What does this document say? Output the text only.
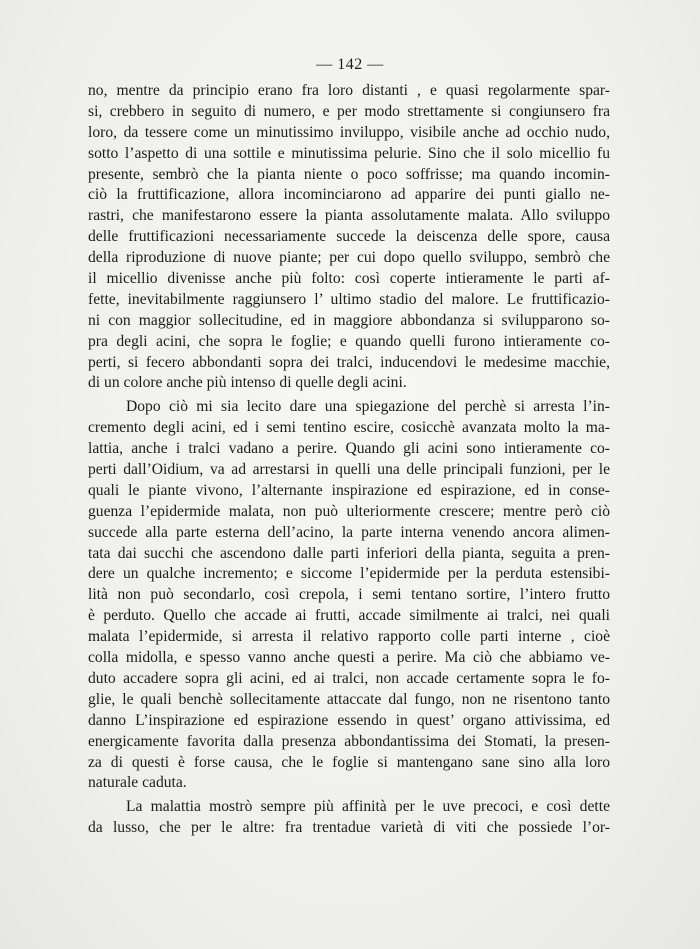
— 142 —
no, mentre da principio erano fra loro distanti , e quasi regolarmente spar-
si, crebbero in seguito di numero, e per modo strettamente si congiunsero fra
loro, da tessere come un minutissimo inviluppo, visibile anche ad occhio nudo,
sotto l’aspetto di una sottile e minutissima pelurie. Sino che il solo micellio fu
presente, sembrò che la pianta niente o poco soffrisse; ma quando incomin-
ciò la fruttificazione, allora incominciarono ad apparire dei punti giallo ne-
rastri, che manifestarono essere la pianta assolutamente malata. Allo sviluppo
delle fruttificazioni necessariamente succede la deiscenza delle spore, causa
della riproduzione di nuove piante; per cui dopo quello sviluppo, sembrò che
il micellio divenisse anche più folto: così coperte intieramente le parti af-
fette, inevitabilmente raggiunsero l’ ultimo stadio del malore. Le fruttificazio-
ni con maggior sollecitudine, ed in maggiore abbondanza si svilupparono so-
pra degli acini, che sopra le foglie; e quando quelli furono intieramente co-
perti, si fecero abbondanti sopra dei tralci, inducendovi le medesime macchie,
di un colore anche più intenso di quelle degli acini.
Dopo ciò mi sia lecito dare una spiegazione del perchè si arresta l’in-
cremento degli acini, ed i semi tentino escire, cosicchè avanzata molto la ma-
lattia, anche i tralci vadano a perire. Quando gli acini sono intieramente co-
perti dall’Oidium, va ad arrestarsi in quelli una delle principali funzioni, per le
quali le piante vivono, l’alternante inspirazione ed espirazione, ed in conse-
guenza l’epidermide malata, non può ulteriormente crescere; mentre però ciò
succede alla parte esterna dell’acino, la parte interna venendo ancora alimen-
tata dai succhi che ascendono dalle parti inferiori della pianta, seguita a pren-
dere un qualche incremento; e siccome l’epidermide per la perduta estensibi-
lità non può secondarlo, così crepola, i semi tentano sortire, l’intero frutto
è perduto. Quello che accade ai frutti, accade similmente ai tralci, nei quali
malata l’epidermide, si arresta il relativo rapporto colle parti interne , cioè
colla midolla, e spesso vanno anche questi a perire. Ma ciò che abbiamo ve-
duto accadere sopra gli acini, ed ai tralci, non accade certamente sopra le fo-
glie, le quali benchè sollecitamente attaccate dal fungo, non ne risentono tanto
danno L’inspirazione ed espirazione essendo in quest’ organo attivissima, ed
energicamente favorita dalla presenza abbondantissima dei Stomati, la presen-
za di questi è forse causa, che le foglie si mantengano sane sino alla loro
naturale caduta.
La malattia mostrò sempre più affinità per le uve precoci, e così dette
da lusso, che per le altre: fra trentadue varietà di viti che possiede l’or-
